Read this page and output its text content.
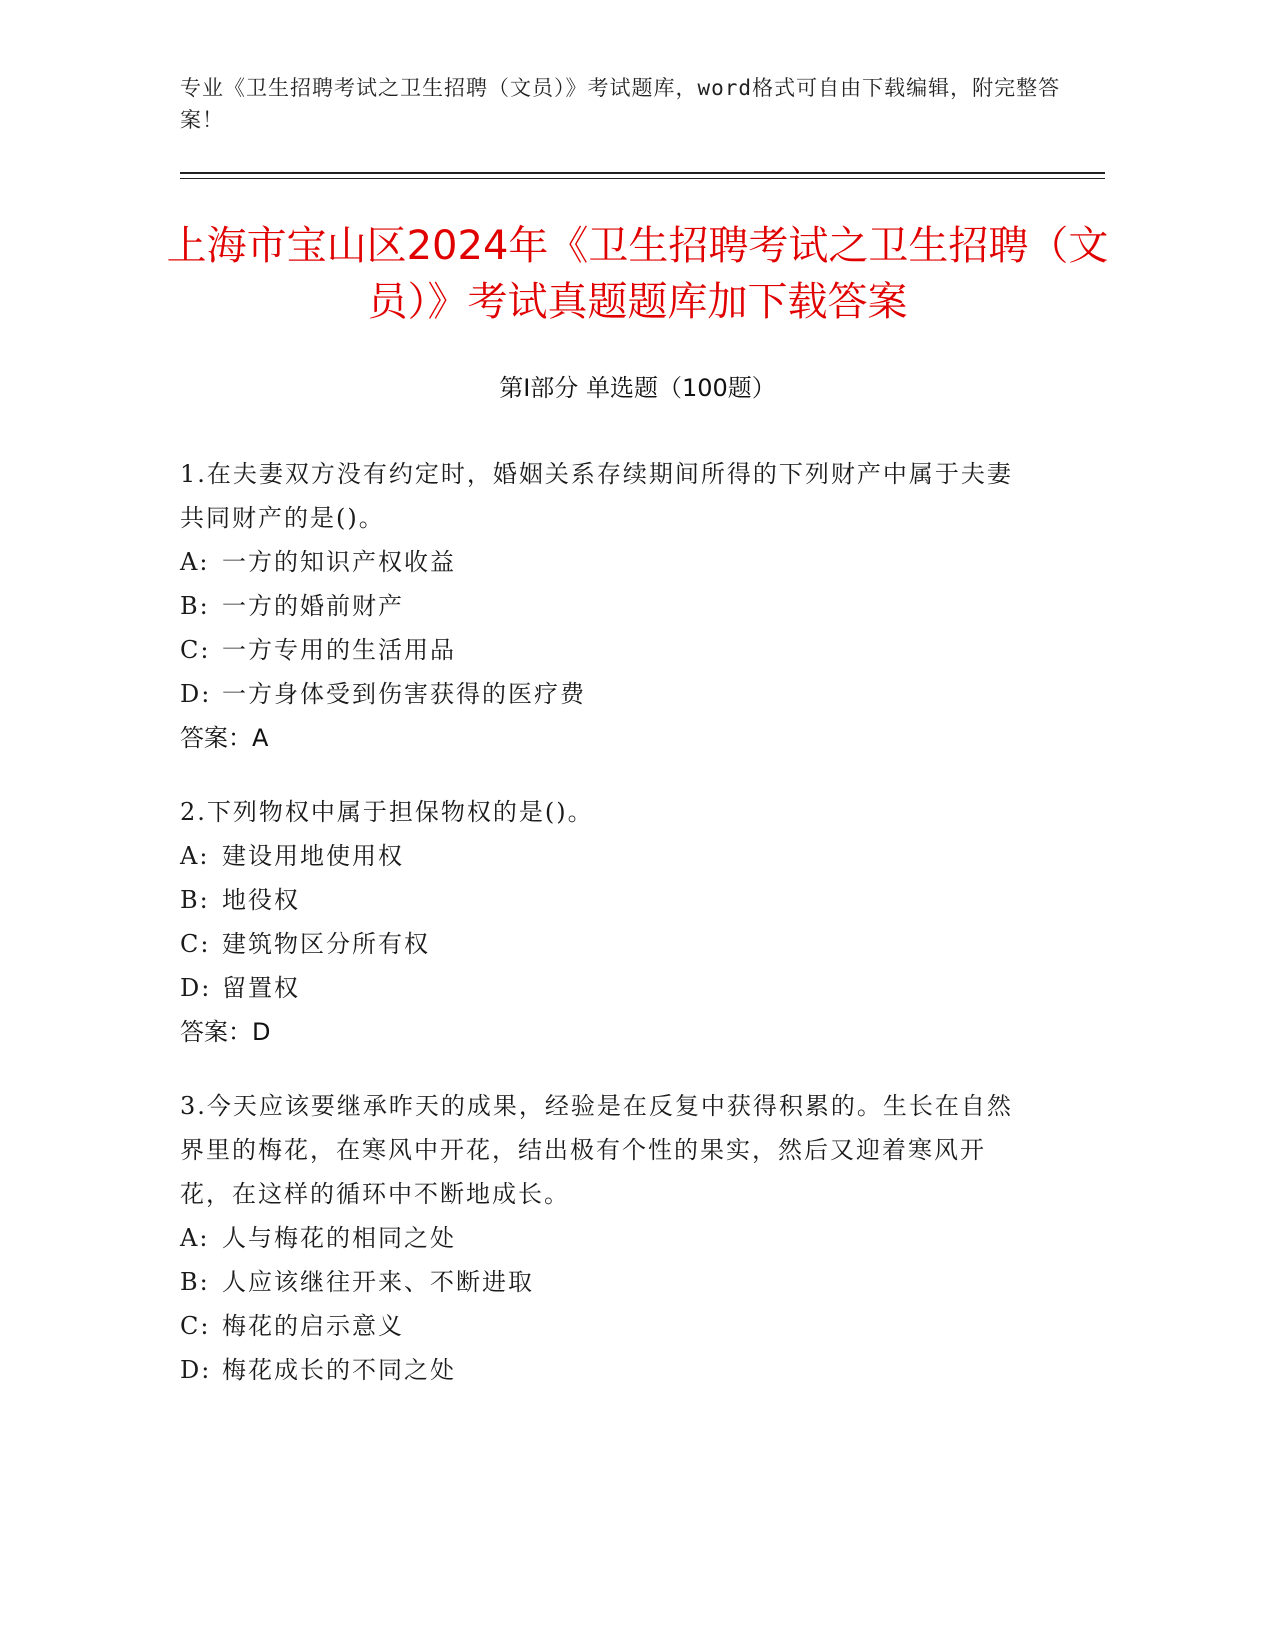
专业《卫生招聘考试之卫生招聘（文员）》考试题库，word格式可自由下载编辑，附完整答案！
上海市宝山区2024年《卫生招聘考试之卫生招聘（文员）》考试真题题库加下载答案
第Ⅰ部分 单选题（100题）
1.在夫妻双方没有约定时，婚姻关系存续期间所得的下列财产中属于夫妻共同财产的是()。
A: 一方的知识产权收益
B: 一方的婚前财产
C: 一方专用的生活用品
D: 一方身体受到伤害获得的医疗费
答案：A
2.下列物权中属于担保物权的是()。
A: 建设用地使用权
B: 地役权
C: 建筑物区分所有权
D: 留置权
答案：D
3.今天应该要继承昨天的成果，经验是在反复中获得积累的。生长在自然界里的梅花，在寒风中开花，结出极有个性的果实，然后又迎着寒风开花，在这样的循环中不断地成长。
A: 人与梅花的相同之处
B: 人应该继往开来、不断进取
C: 梅花的启示意义
D: 梅花成长的不同之处
